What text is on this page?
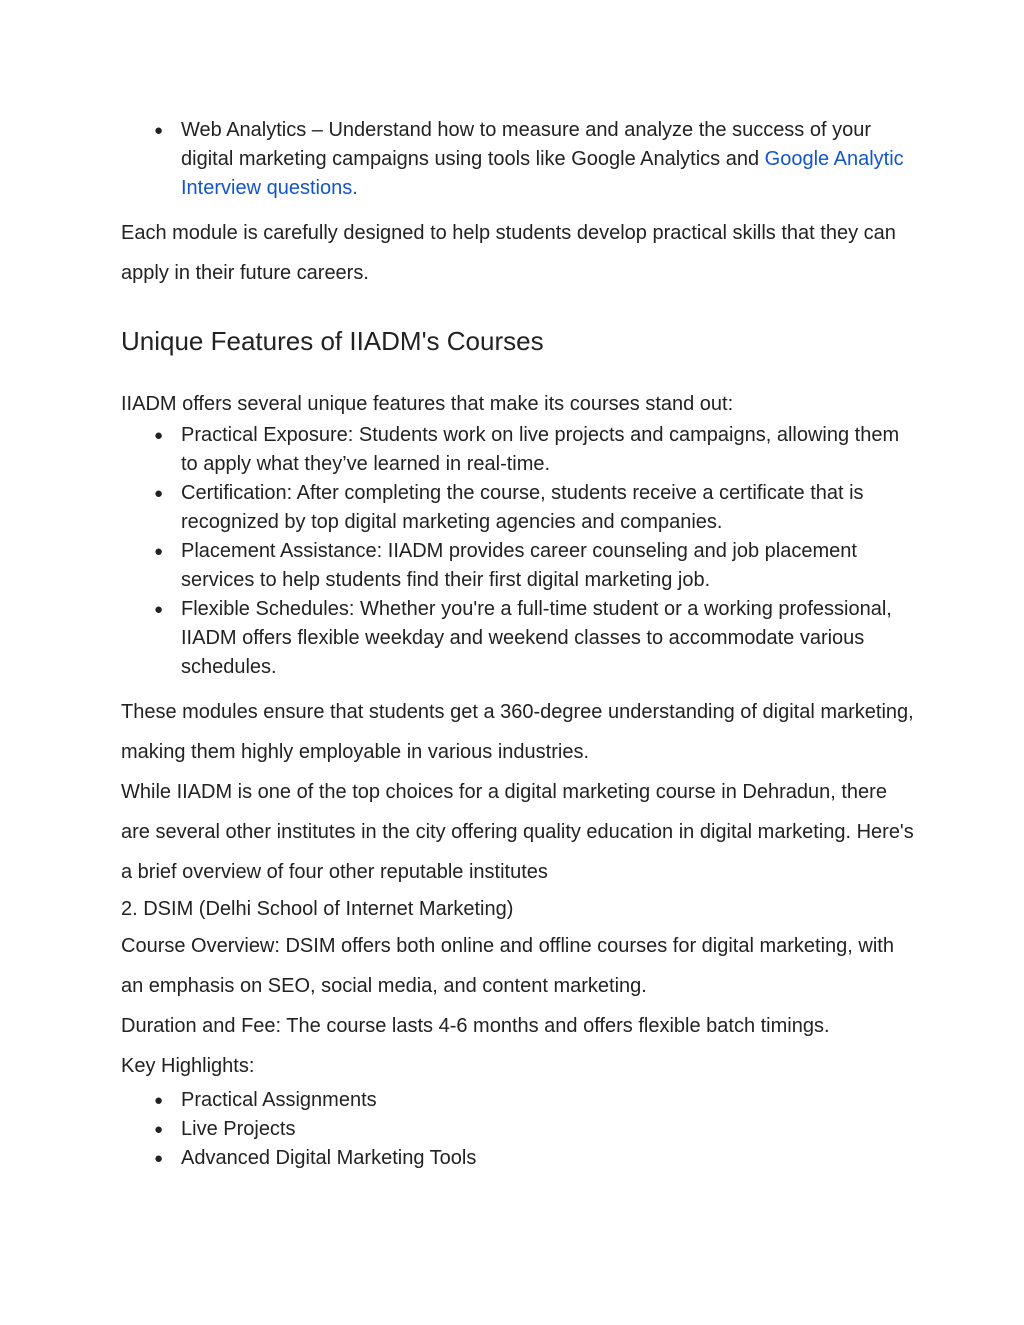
● Web Analytics – Understand how to measure and analyze the success of your digital marketing campaigns using tools like Google Analytics and Google Analytic Interview questions.

Each module is carefully designed to help students develop practical skills that they can apply in their future careers.

Unique Features of IIADM's Courses

IIADM offers several unique features that make its courses stand out:

● Practical Exposure: Students work on live projects and campaigns, allowing them to apply what they’ve learned in real-time.
● Certification: After completing the course, students receive a certificate that is recognized by top digital marketing agencies and companies.
● Placement Assistance: IIADM provides career counseling and job placement services to help students find their first digital marketing job.
● Flexible Schedules: Whether you're a full-time student or a working professional, IIADM offers flexible weekday and weekend classes to accommodate various schedules.

These modules ensure that students get a 360-degree understanding of digital marketing, making them highly employable in various industries.

While IIADM is one of the top choices for a digital marketing course in Dehradun, there are several other institutes in the city offering quality education in digital marketing. Here's a brief overview of four other reputable institutes

2. DSIM (Delhi School of Internet Marketing)

Course Overview: DSIM offers both online and offline courses for digital marketing, with an emphasis on SEO, social media, and content marketing.

Duration and Fee: The course lasts 4-6 months and offers flexible batch timings.

Key Highlights:

● Practical Assignments
● Live Projects
● Advanced Digital Marketing Tools
